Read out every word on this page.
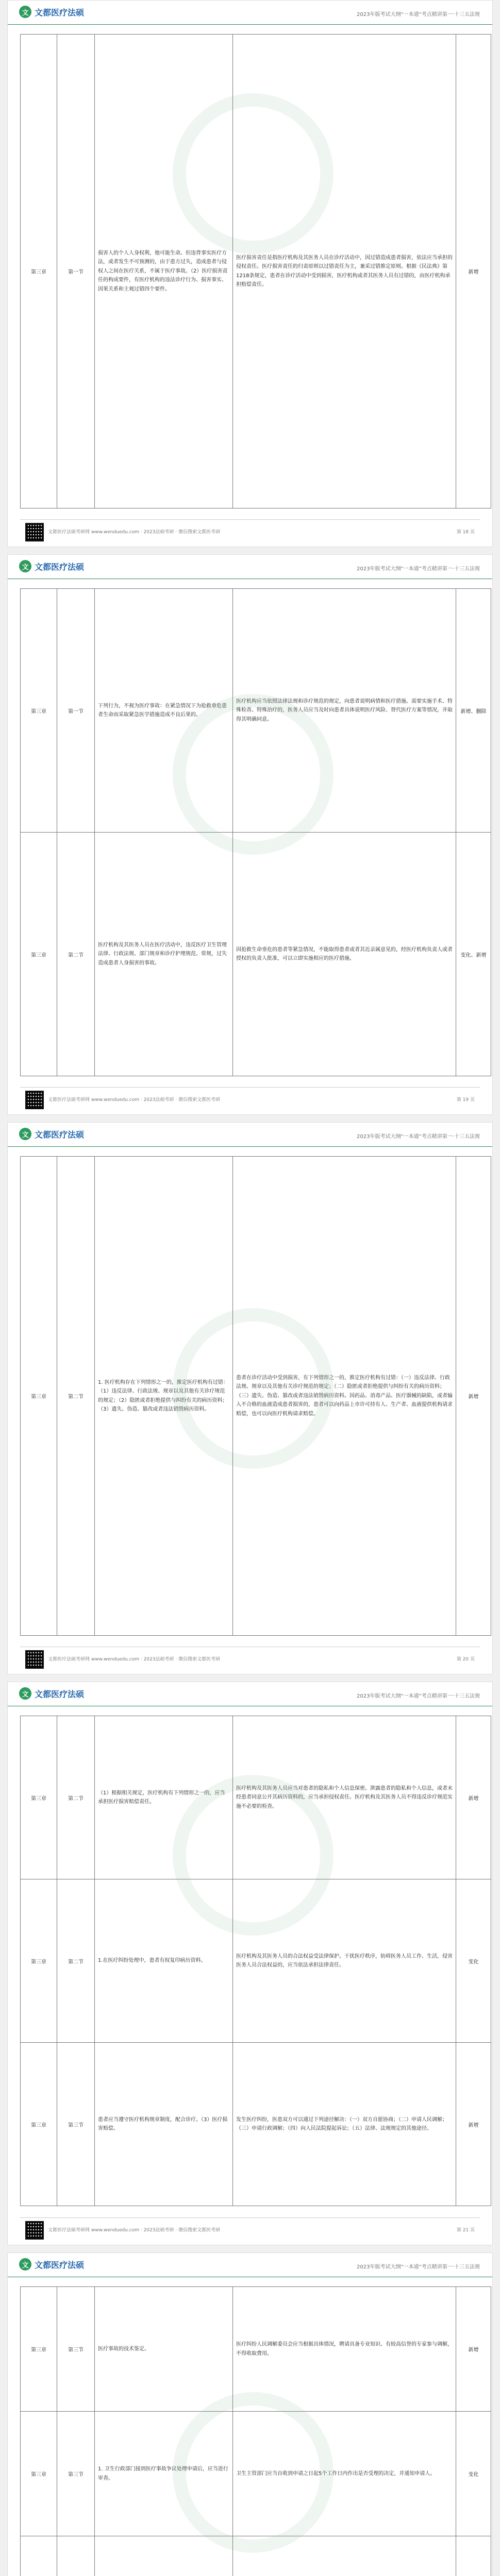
文 文都医疗法硕	2023年版考试大纲“一本通”考点精讲第一·十三五法规
第三章	第一节	损害人的个人人身权利，他可能生命。但违背事实医疗方法，或者发生不可预测的，由于患方过失，造成患者与侵权人之间在医疗关系，不属于医疗事故。（2）医疗损害责任的构成要件，有医疗机构的违法诊疗行为、损害事实、因果关系和主观过错四个要件。	医疗损害责任是指医疗机构及其医务人员在诊疗活动中，因过错造成患者损害，依法应当承担的侵权责任。医疗损害责任的归责原则以过错责任为主，兼采过错推定原则。根据《民法典》第1218条规定，患者在诊疗活动中受到损害，医疗机构或者其医务人员有过错的，由医疗机构承担赔偿责任。	新增
文都医疗法硕考研网 www.wenduedu.com · 2023法硕考研 · 微信搜索文都医考研	第 18 页
文 文都医疗法硕	2023年版考试大纲“一本通”考点精讲第一·十三五法规
第三章	第一节	下列行为，不视为医疗事故：在紧急情况下为抢救垂危患者生命而采取紧急医学措施造成不良后果的。	医疗机构应当依照法律法规和诊疗规范的规定，向患者说明病情和医疗措施。需要实施手术、特殊检查、特殊治疗的，医务人员应当及时向患者具体说明医疗风险、替代医疗方案等情况，并取得其明确同意。	新增、删除
第三章	第二节	医疗机构及其医务人员在医疗活动中，违反医疗卫生管理法律、行政法规、部门规章和诊疗护理规范、常规，过失造成患者人身损害的事故。	因抢救生命垂危的患者等紧急情况，不能取得患者或者其近亲属意见的，经医疗机构负责人或者授权的负责人批准，可以立即实施相应的医疗措施。	变化、新增
文都医疗法硕考研网 www.wenduedu.com · 2023法硕考研 · 微信搜索文都医考研	第 19 页
文 文都医疗法硕	2023年版考试大纲“一本通”考点精讲第一·十三五法规
第三章	第二节	1. 医疗机构存在下列情形之一的，推定医疗机构有过错：（1）违反法律、行政法规、规章以及其他有关诊疗规范的规定；（2）隐匿或者拒绝提供与纠纷有关的病历资料；（3）遗失、伪造、篡改或者违法销毁病历资料。	患者在诊疗活动中受到损害，有下列情形之一的，推定医疗机构有过错：（一）违反法律、行政法规、规章以及其他有关诊疗规范的规定；（二）隐匿或者拒绝提供与纠纷有关的病历资料；（三）遗失、伪造、篡改或者违法销毁病历资料。因药品、消毒产品、医疗器械的缺陷，或者输入不合格的血液造成患者损害的，患者可以向药品上市许可持有人、生产者、血液提供机构请求赔偿，也可以向医疗机构请求赔偿。	新增
文都医疗法硕考研网 www.wenduedu.com · 2023法硕考研 · 微信搜索文都医考研	第 20 页
文 文都医疗法硕	2023年版考试大纲“一本通”考点精讲第一·十三五法规
第三章	第二节	（1）根据相关规定，医疗机构有下列情形之一的，应当承担医疗损害赔偿责任。	医疗机构及其医务人员应当对患者的隐私和个人信息保密。泄露患者的隐私和个人信息，或者未经患者同意公开其病历资料的，应当承担侵权责任。医疗机构及其医务人员不得违反诊疗规范实施不必要的检查。	新增
第三章	第二节	1.在医疗纠纷处理中，患者有权复印病历资料。	医疗机构及其医务人员的合法权益受法律保护。干扰医疗秩序，妨碍医务人员工作、生活，侵害医务人员合法权益的，应当依法承担法律责任。	变化
第三章	第三节	患者应当遵守医疗机构规章制度，配合诊疗。（3）医疗损害赔偿。	发生医疗纠纷，医患双方可以通过下列途径解决：（一）双方自愿协商；（二）申请人民调解；（三）申请行政调解；（四）向人民法院提起诉讼；（五）法律、法规规定的其他途径。	新增
文都医疗法硕考研网 www.wenduedu.com · 2023法硕考研 · 微信搜索文都医考研	第 21 页
文 文都医疗法硕	2023年版考试大纲“一本通”考点精讲第一·十三五法规
第三章	第三节	医疗事故的技术鉴定。	医疗纠纷人民调解委员会应当根据具体情况，聘请具备专业知识、有较高信誉的专家参与调解，不得收取费用。	新增
第三章	第三节	1. 卫生行政部门接到医疗事故争议处理申请后，应当进行审查。	卫生主管部门应当自收到申请之日起5个工作日内作出是否受理的决定，并通知申请人。	变化
